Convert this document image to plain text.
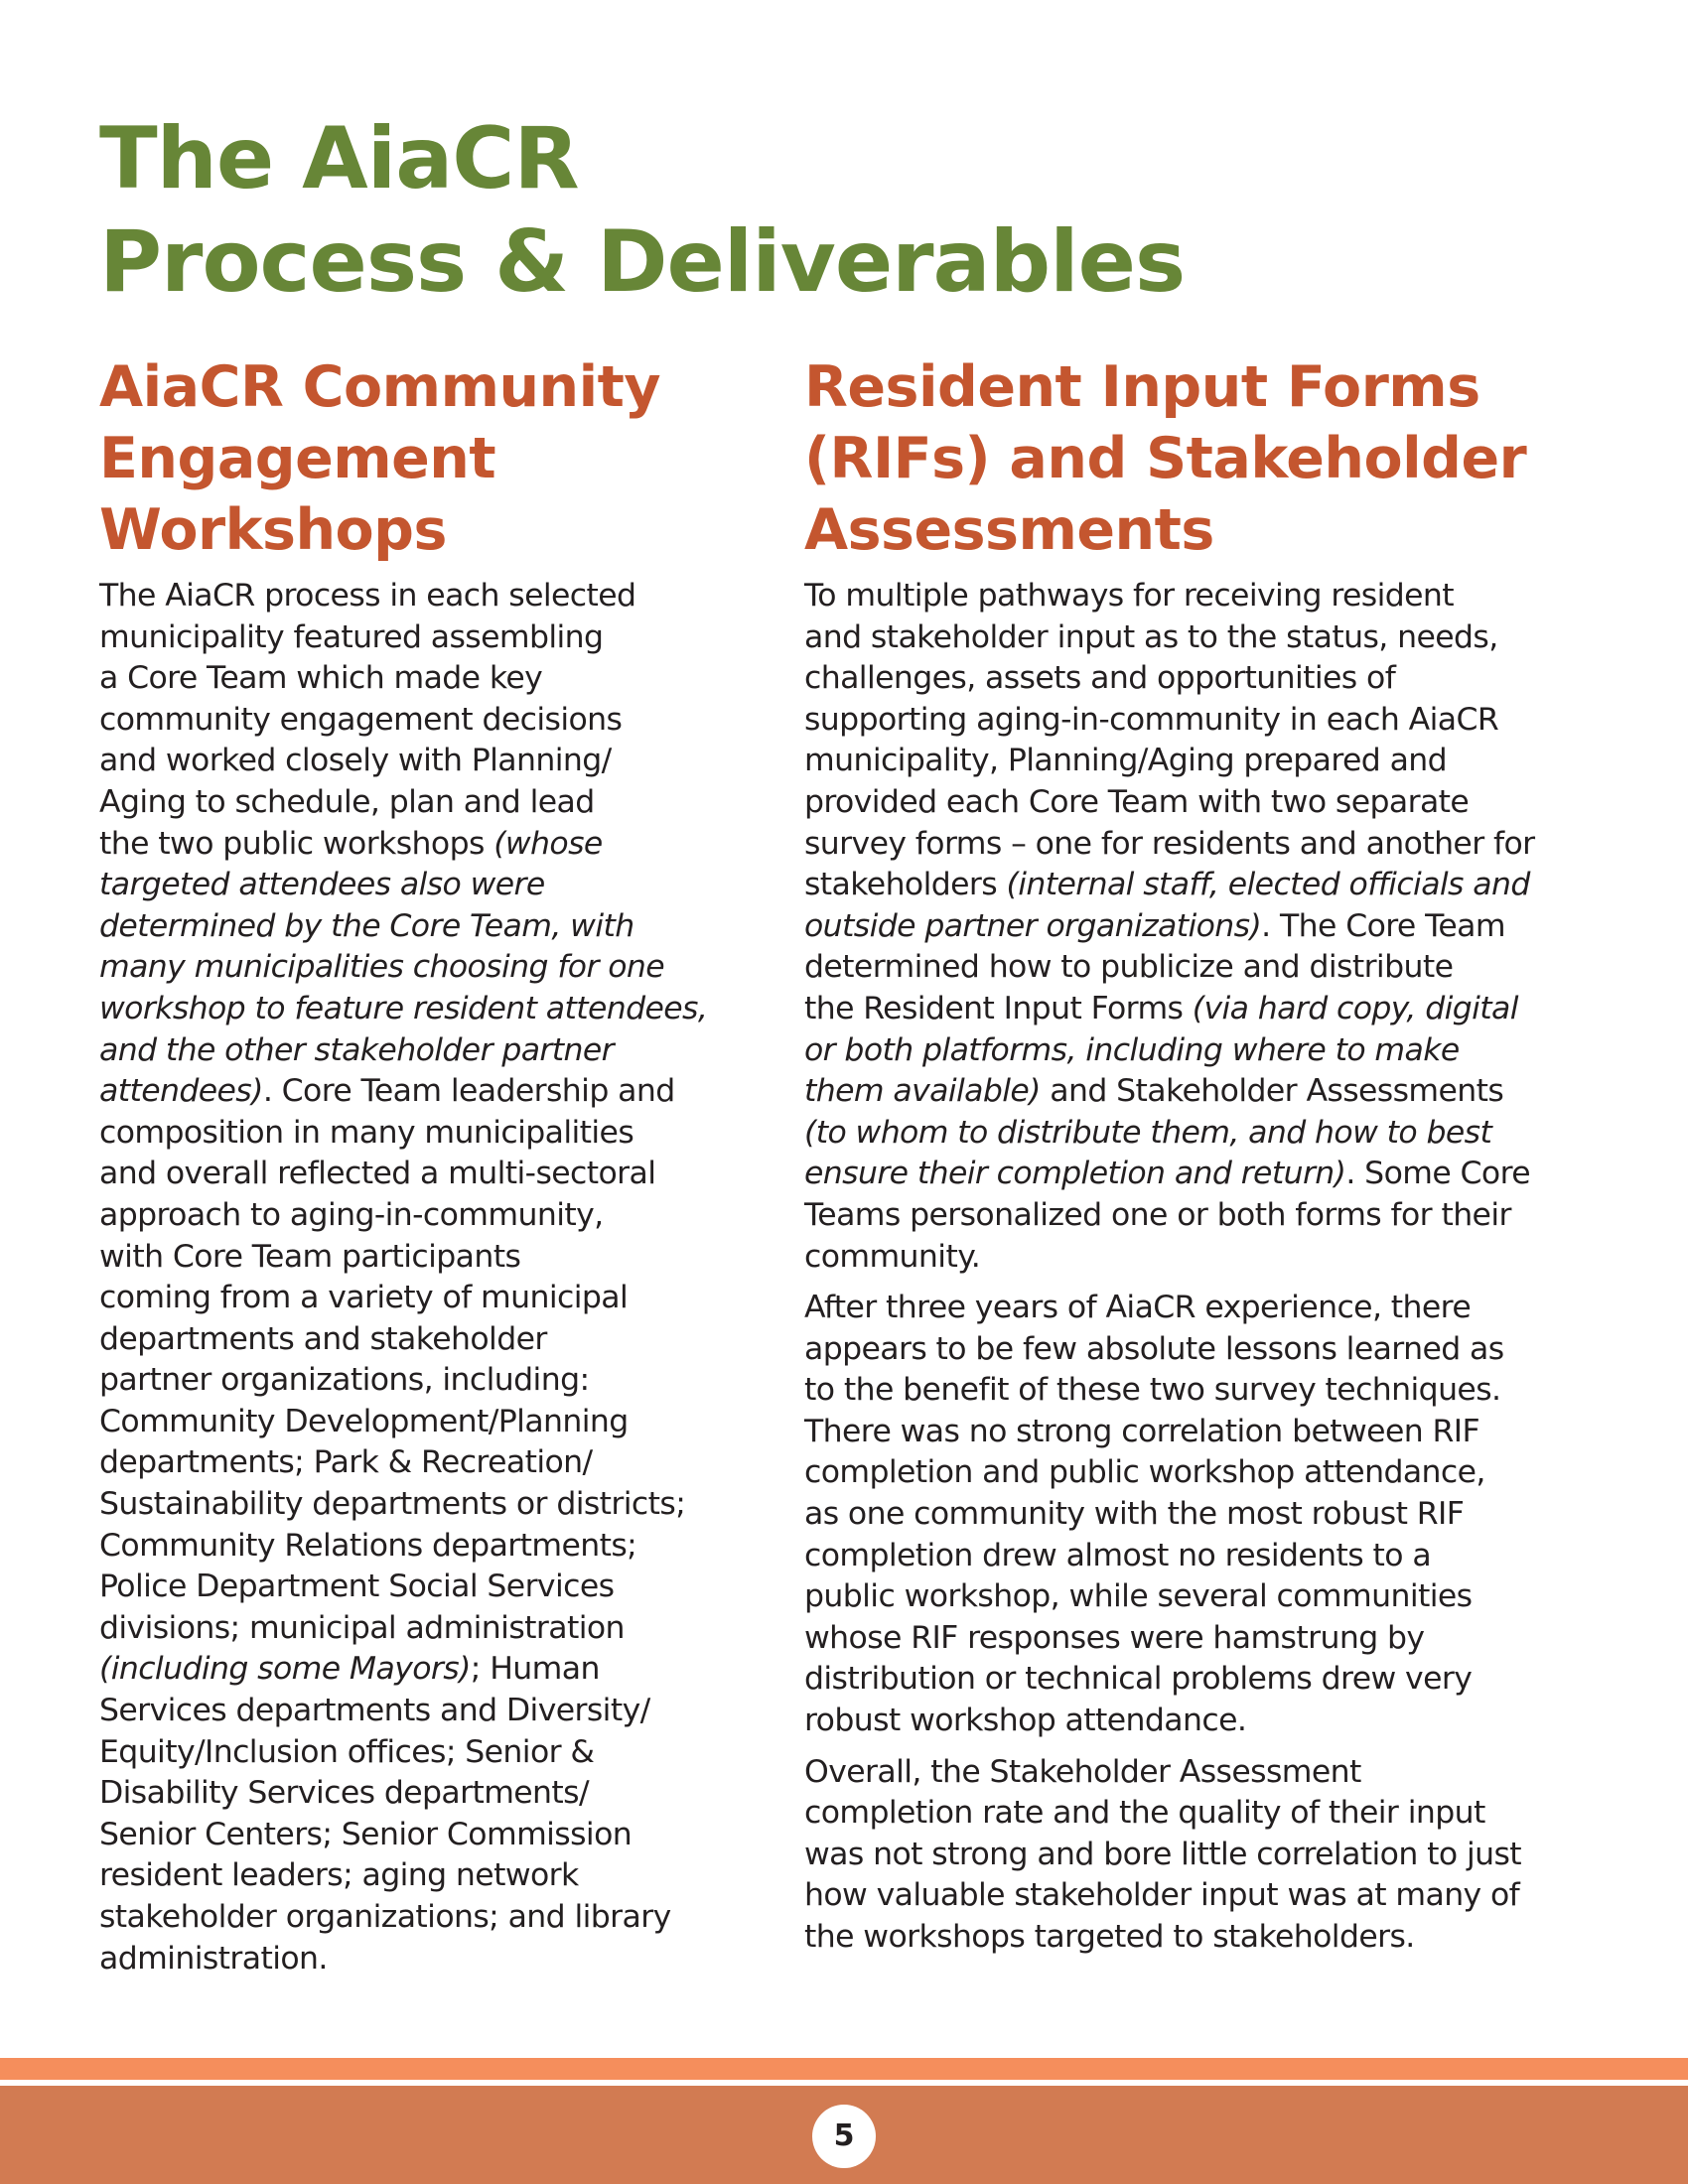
The AiaCR
Process & Deliverables
AiaCR Community
Engagement
Workshops

The AiaCR process in each selected
municipality featured assembling
a Core Team which made key
community engagement decisions
and worked closely with Planning/
Aging to schedule, plan and lead
the two public workshops (whose
targeted attendees also were
determined by the Core Team, with
many municipalities choosing for one
workshop to feature resident attendees,
and the other stakeholder partner
attendees). Core Team leadership and
composition in many municipalities
and overall reflected a multi-sectoral
approach to aging-in-community,
with Core Team participants
coming from a variety of municipal
departments and stakeholder
partner organizations, including:
Community Development/Planning
departments; Park & Recreation/
Sustainability departments or districts;
Community Relations departments;
Police Department Social Services
divisions; municipal administration
(including some Mayors); Human
Services departments and Diversity/
Equity/Inclusion offices; Senior &
Disability Services departments/
Senior Centers; Senior Commission
resident leaders; aging network
stakeholder organizations; and library
administration.

Resident Input Forms
(RIFs) and Stakeholder
Assessments

To multiple pathways for receiving resident
and stakeholder input as to the status, needs,
challenges, assets and opportunities of
supporting aging-in-community in each AiaCR
municipality, Planning/Aging prepared and
provided each Core Team with two separate
survey forms – one for residents and another for
stakeholders (internal staff, elected officials and
outside partner organizations). The Core Team
determined how to publicize and distribute
the Resident Input Forms (via hard copy, digital
or both platforms, including where to make
them available) and Stakeholder Assessments
(to whom to distribute them, and how to best
ensure their completion and return). Some Core
Teams personalized one or both forms for their
community.

After three years of AiaCR experience, there
appears to be few absolute lessons learned as
to the benefit of these two survey techniques.
There was no strong correlation between RIF
completion and public workshop attendance,
as one community with the most robust RIF
completion drew almost no residents to a
public workshop, while several communities
whose RIF responses were hamstrung by
distribution or technical problems drew very
robust workshop attendance.

Overall, the Stakeholder Assessment
completion rate and the quality of their input
was not strong and bore little correlation to just
how valuable stakeholder input was at many of
the workshops targeted to stakeholders.

5
